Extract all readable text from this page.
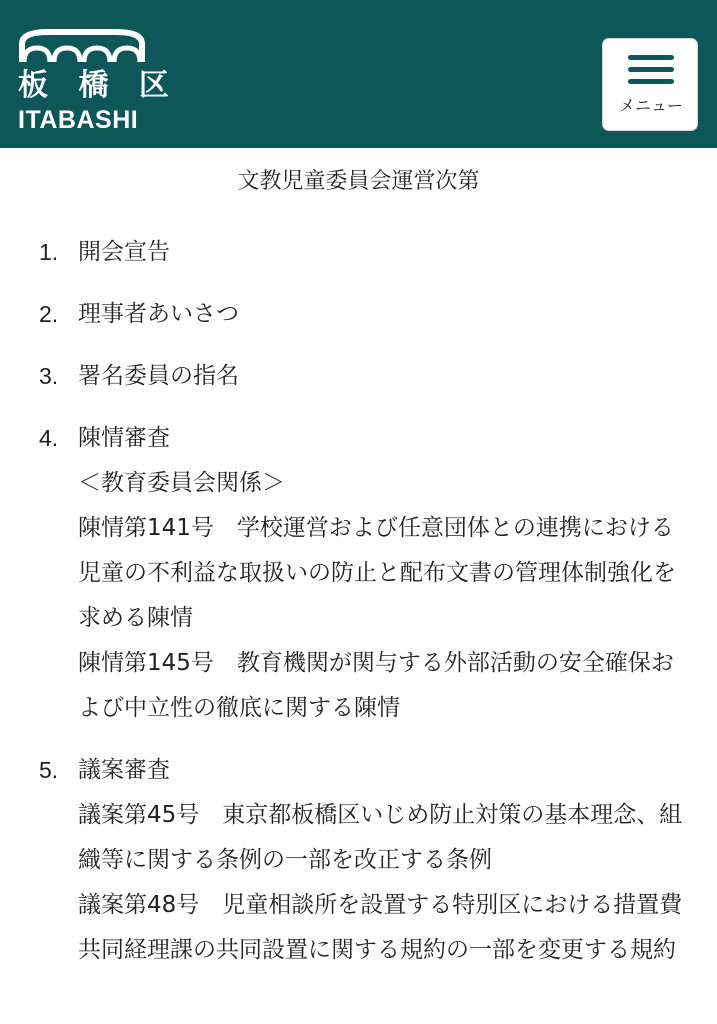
板 橋 区
ITABASHI
メニュー
文教児童委員会運営次第
1. 開会宣告
2. 理事者あいさつ
3. 署名委員の指名
4. 陳情審査
＜教育委員会関係＞
陳情第141号　学校運営および任意団体との連携における児童の不利益な取扱いの防止と配布文書の管理体制強化を求める陳情
陳情第145号　教育機関が関与する外部活動の安全確保および中立性の徹底に関する陳情
5. 議案審査
議案第45号　東京都板橋区いじめ防止対策の基本理念、組織等に関する条例の一部を改正する条例
議案第48号　児童相談所を設置する特別区における措置費共同経理課の共同設置に関する規約の一部を変更する規約
